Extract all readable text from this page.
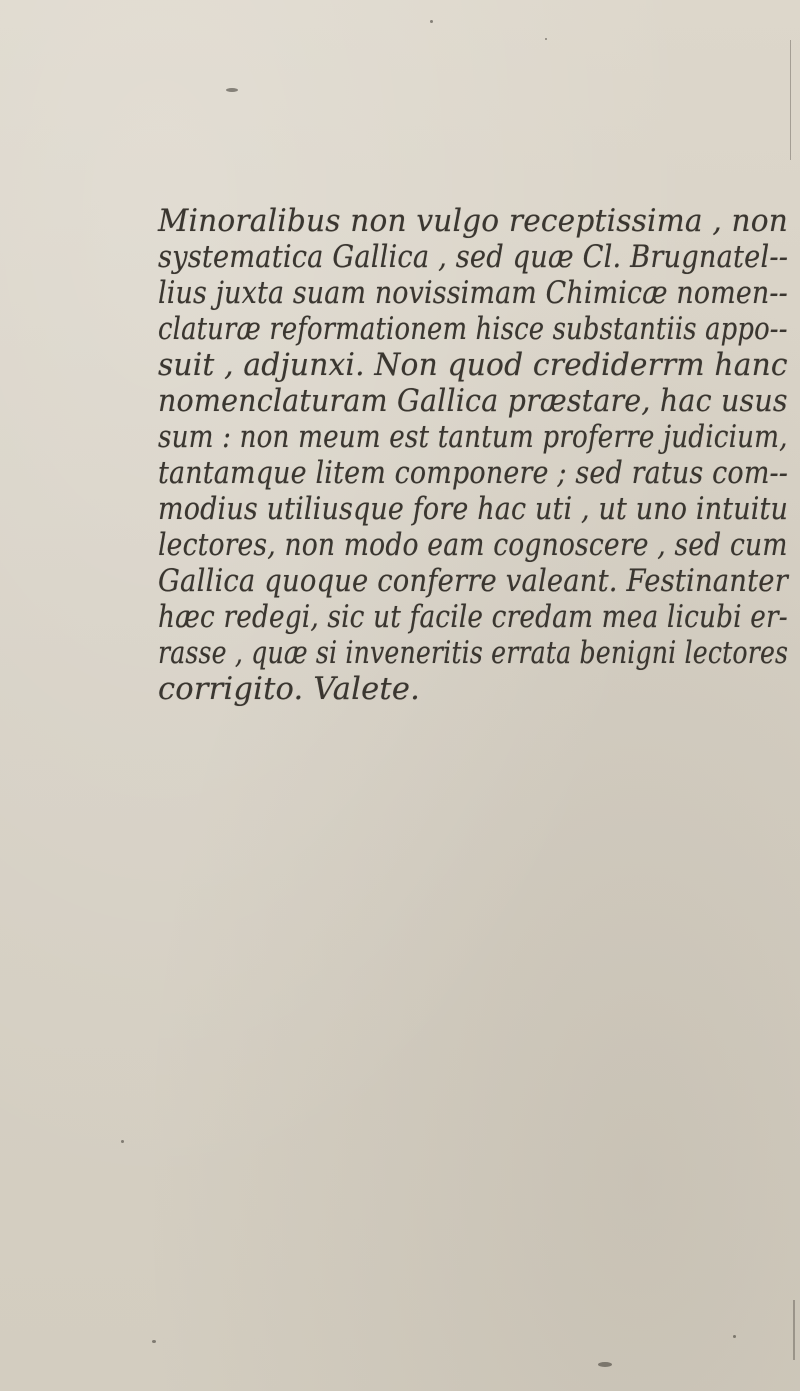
Minoralibus non vulgo receptissima , non
systematica Gallica , sed quæ Cl. Brugnatel--
lius juxta suam novissimam Chimicæ nomen--
claturæ reformationem hisce substantiis appo--
suit , adjunxi. Non quod crediderrm hanc
nomenclaturam Gallica præstare, hac usus
sum : non meum est tantum proferre judicium,
tantamque litem componere ; sed ratus com--
modius utiliusque fore hac uti , ut uno intuitu
lectores, non modo eam cognoscere , sed cum
Gallica quoque conferre valeant. Festinanter
hæc redegi, sic ut facile credam mea licubi er-
rasse , quæ si inveneritis errata benigni lectores
corrigito. Valete.
